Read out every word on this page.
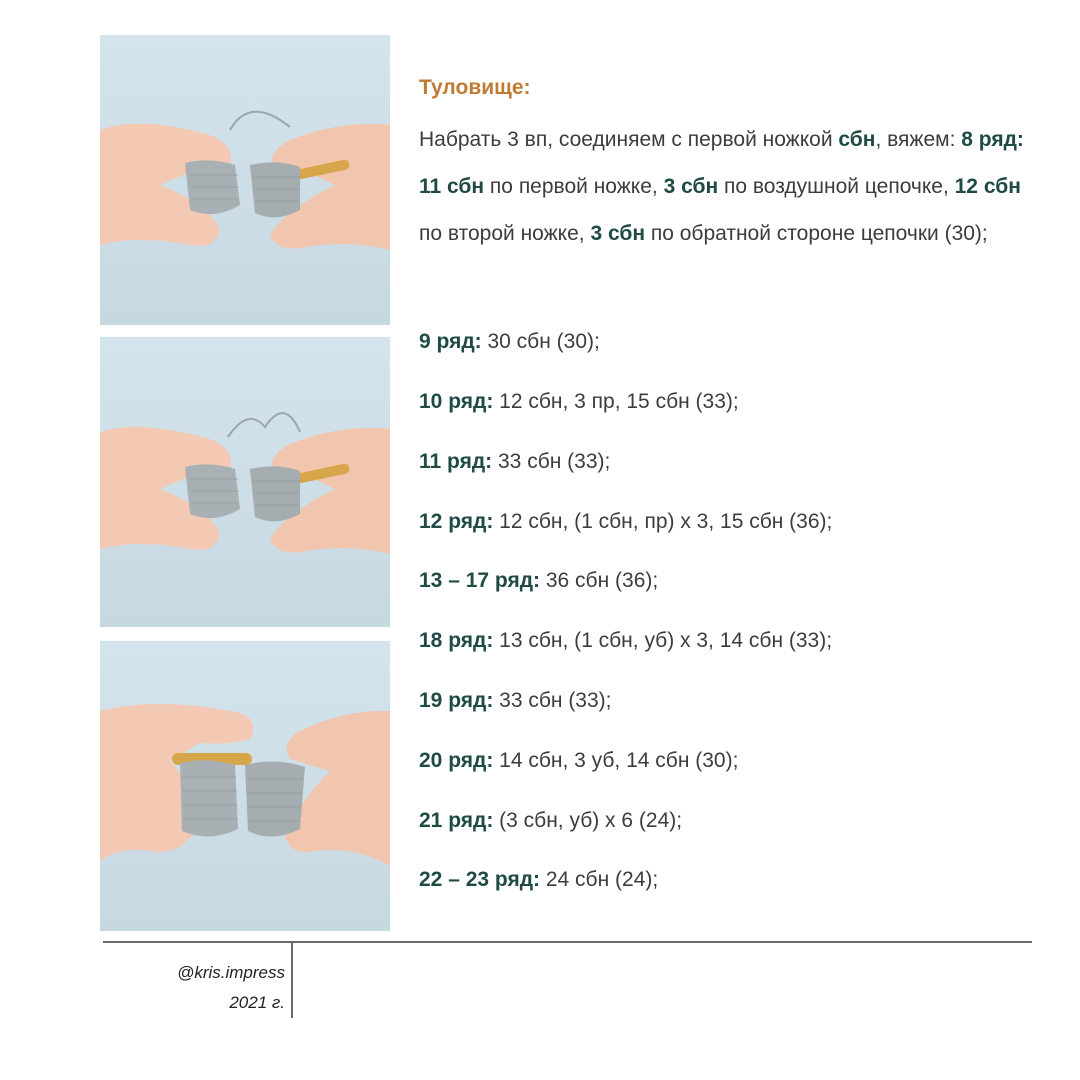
Туловище:
Набрать 3 вп, соединяем с первой ножкой сбн, вяжем: 8 ряд: 11 сбн по первой ножке, 3 сбн по воздушной цепочке, 12 сбн по второй ножке, 3 сбн по обратной стороне цепочки (30);
9 ряд: 30 сбн (30);
10 ряд: 12 сбн, 3 пр, 15 сбн (33);
11 ряд: 33 сбн (33);
12 ряд: 12 сбн, (1 сбн, пр) х 3, 15 сбн (36);
13 – 17 ряд: 36 сбн (36);
18 ряд: 13 сбн, (1 сбн, уб) х 3, 14 сбн (33);
19 ряд: 33 сбн (33);
20 ряд: 14 сбн, 3 уб, 14 сбн (30);
21 ряд: (3 сбн, уб) х 6 (24);
22 – 23 ряд: 24 сбн (24);
@kris.impress
2021 г.
